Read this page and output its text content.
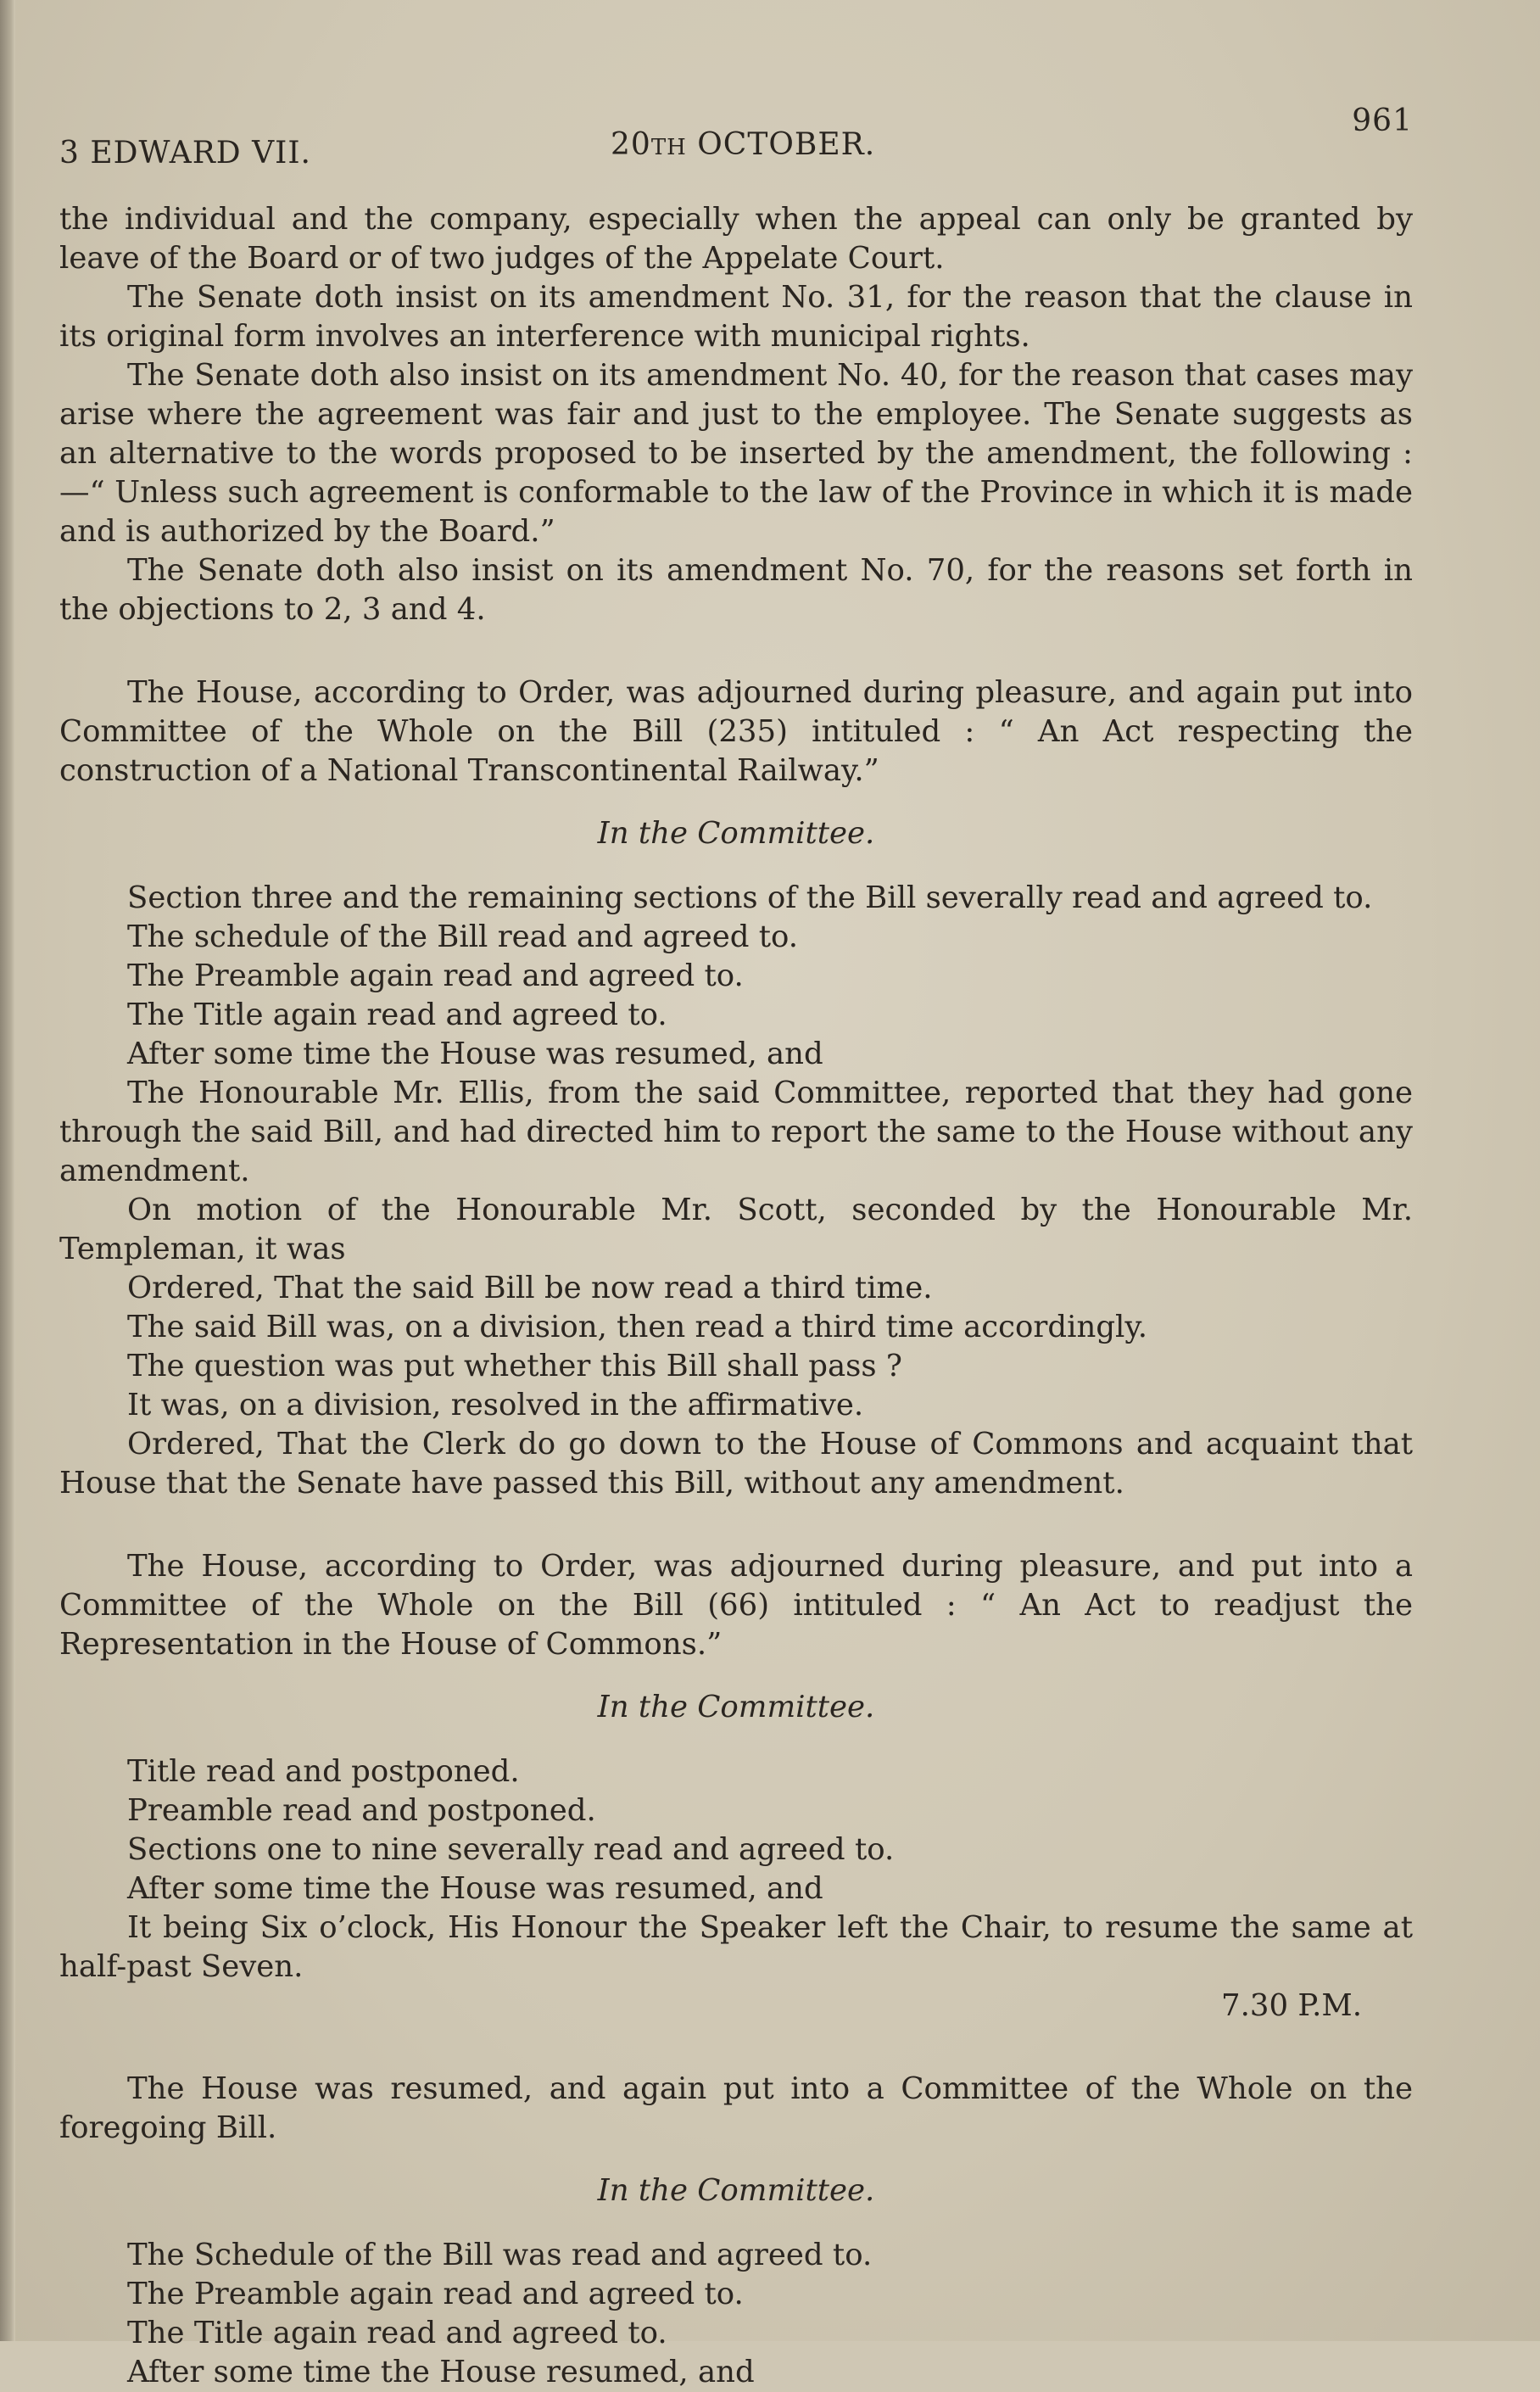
3 EDWARD VII.	20TH OCTOBER.
961

the individual and the company, especially when the appeal can only be granted by leave of the Board or of two judges of the Appelate Court.

The Senate doth insist on its amendment No. 31, for the reason that the clause in its original form involves an interference with municipal rights.

The Senate doth also insist on its amendment No. 40, for the reason that cases may arise where the agreement was fair and just to the employee. The Senate suggests as an alternative to the words proposed to be inserted by the amendment, the following :—“ Unless such agreement is conformable to the law of the Province in which it is made and is authorized by the Board.”

The Senate doth also insist on its amendment No. 70, for the reasons set forth in the objections to 2, 3 and 4.

The House, according to Order, was adjourned during pleasure, and again put into Committee of the Whole on the Bill (235) intituled : “ An Act respecting the construction of a National Transcontinental Railway.”

In the Committee.

Section three and the remaining sections of the Bill severally read and agreed to.

The schedule of the Bill read and agreed to.

The Preamble again read and agreed to.

The Title again read and agreed to.

After some time the House was resumed, and

The Honourable Mr. Ellis, from the said Committee, reported that they had gone through the said Bill, and had directed him to report the same to the House without any amendment.

On motion of the Honourable Mr. Scott, seconded by the Honourable Mr. Templeman, it was

Ordered, That the said Bill be now read a third time.

The said Bill was, on a division, then read a third time accordingly.

The question was put whether this Bill shall pass ?

It was, on a division, resolved in the affirmative.

Ordered, That the Clerk do go down to the House of Commons and acquaint that House that the Senate have passed this Bill, without any amendment.

The House, according to Order, was adjourned during pleasure, and put into a Committee of the Whole on the Bill (66) intituled : “ An Act to readjust the Representation in the House of Commons.”

In the Committee.

Title read and postponed.

Preamble read and postponed.

Sections one to nine severally read and agreed to.

After some time the House was resumed, and

It being Six o’clock, His Honour the Speaker left the Chair, to resume the same at half-past Seven.

7.30 P.M.

The House was resumed, and again put into a Committee of the Whole on the foregoing Bill.

In the Committee.

The Schedule of the Bill was read and agreed to.

The Preamble again read and agreed to.

The Title again read and agreed to.

After some time the House resumed, and
